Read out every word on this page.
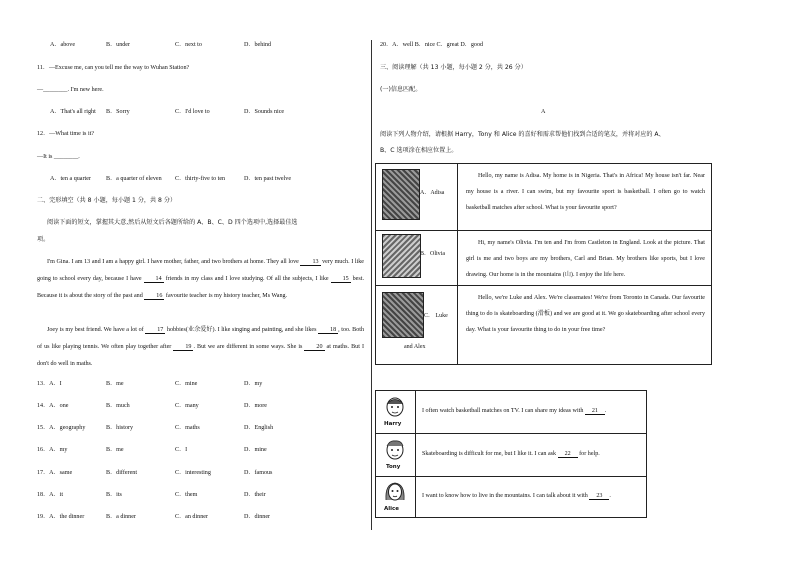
A．above	B．under	C．next to	D．behind
11．—Excuse me, can you tell me the way to Wuhan Station?
—________. I'm new here.
A．That's all right B．Sorry	C．I'd love to	D．Sounds nice
12．—What time is it?
—It is ________.
A．ten a quarter B．a quarter of eleven C．thirty-five to ten	D．ten past twelve
二、完形填空（共 8 小题，每小题 1 分，共 8 分）
阅读下面的短文，掌握其大意,然后从短文后各题所给的 A、B、C、D 四个选项中,选择最佳选
项。
I'm Gina. I am 13 and I am a happy girl. I have mother, father, and two brothers at home. They all love 13 very much. I like going to school every day, because I have 14 friends in my class and I love studying. Of all the subjects, I like 15 best. Because it is about the story of the past and 16 favourite teacher is my history teacher, Ms Wang.
Joey is my best friend. We have a lot of 17 hobbies(业余爱好). I like singing and painting, and she likes 18 , too. Both of us like playing tennis. We often play together after 19 . But we are different in some ways. She is 20 at maths. But I don't do well in maths.
13．A．I	B．me	C．mine	D．my
14．A．one	B．much	C．many	D．more
15．A．geography	B．history	C．maths	D．English
16．A．my	B．me	C．I	D．mine
17．A．same	B．different	C．interesting	D．famous
18．A．it	B．its	C．them	D．their
19．A．the dinner	B．a dinner	C．an dinner	D．dinner
20．A．well B．nice C．great D．good
三、阅读理解（共 13 小题，每小题 2 分，共 26 分）
(一)信息匹配。
A
阅读下列人物介绍，请根据 Harry，Tony 和 Alice 的喜好和需求帮他们找到合适的笔友，并将对应的 A、
B、C 选项涂在相应位置上。
A．Adisa	Hello, my name is Adisa. My home is in Nigeria. That's in Africa! My house isn't far. Near my house is a river. I can swim, but my favourite sport is basketball. I often go to watch basketball matches after school. What is your favourite sport?

B．Olivia	Hi, my name's Olivia. I'm ten and I'm from Castleton in England. Look at the picture. That girl is me and two boys are my brothers, Carl and Brian. My brothers like sports, but I love drawing. Our home is in the mountains (山). I enjoy the life here.

C． Luke
and Alex	Hello, we're Luke and Alex. We're classmates! We're from Toronto in Canada. Our favourite thing to do is skateboarding (滑板) and we are good at it. We go skateboarding after school every day. What is your favourite thing to do in your free time?
Harry	I often watch basketball matches on TV. I can share my ideas with 21 .

Tony	Skateboarding is difficult for me, but I like it. I can ask 22 for help.

Alice	I want to know how to live in the mountains. I can talk about it with 23 .
